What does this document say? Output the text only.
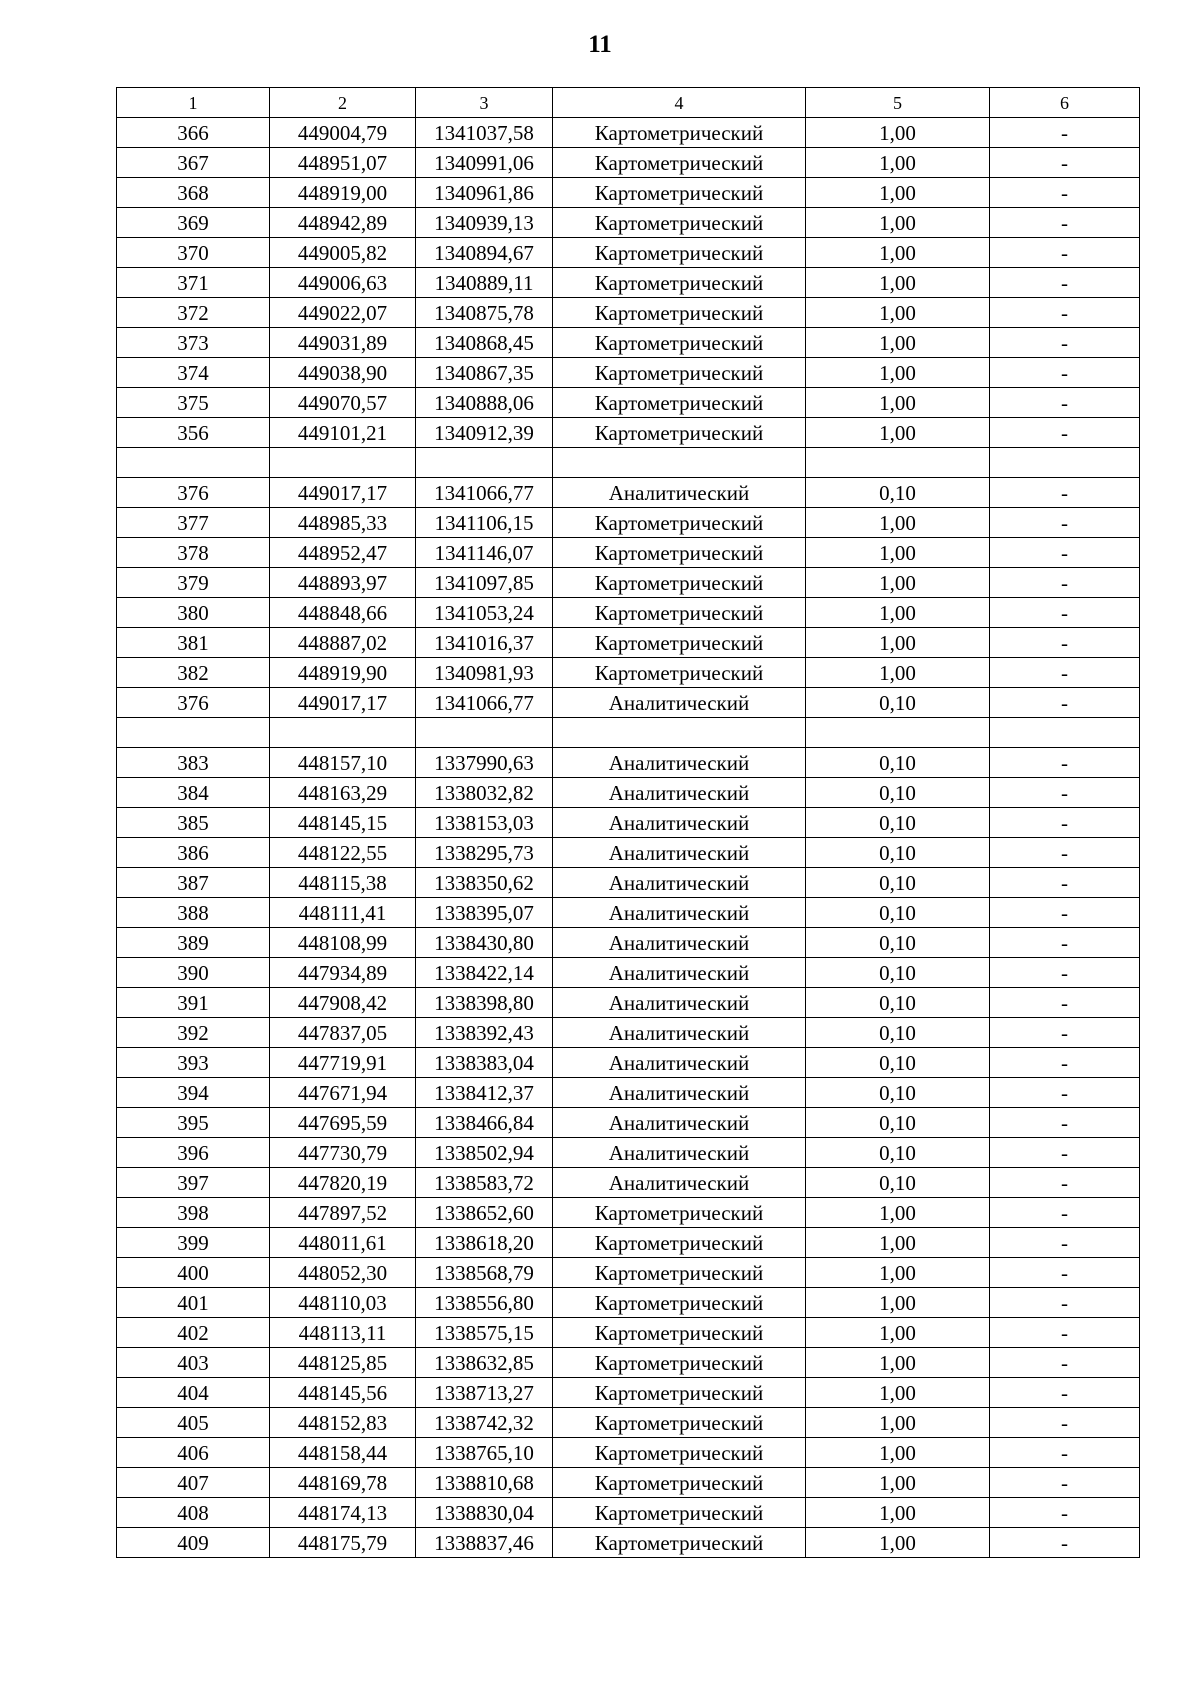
11
1	2	3	4	5	6
366	449004,79	1341037,58	Картометрический	1,00	-
367	448951,07	1340991,06	Картометрический	1,00	-
368	448919,00	1340961,86	Картометрический	1,00	-
369	448942,89	1340939,13	Картометрический	1,00	-
370	449005,82	1340894,67	Картометрический	1,00	-
371	449006,63	1340889,11	Картометрический	1,00	-
372	449022,07	1340875,78	Картометрический	1,00	-
373	449031,89	1340868,45	Картометрический	1,00	-
374	449038,90	1340867,35	Картометрический	1,00	-
375	449070,57	1340888,06	Картометрический	1,00	-
356	449101,21	1340912,39	Картометрический	1,00	-

376	449017,17	1341066,77	Аналитический	0,10	-
377	448985,33	1341106,15	Картометрический	1,00	-
378	448952,47	1341146,07	Картометрический	1,00	-
379	448893,97	1341097,85	Картометрический	1,00	-
380	448848,66	1341053,24	Картометрический	1,00	-
381	448887,02	1341016,37	Картометрический	1,00	-
382	448919,90	1340981,93	Картометрический	1,00	-
376	449017,17	1341066,77	Аналитический	0,10	-

383	448157,10	1337990,63	Аналитический	0,10	-
384	448163,29	1338032,82	Аналитический	0,10	-
385	448145,15	1338153,03	Аналитический	0,10	-
386	448122,55	1338295,73	Аналитический	0,10	-
387	448115,38	1338350,62	Аналитический	0,10	-
388	448111,41	1338395,07	Аналитический	0,10	-
389	448108,99	1338430,80	Аналитический	0,10	-
390	447934,89	1338422,14	Аналитический	0,10	-
391	447908,42	1338398,80	Аналитический	0,10	-
392	447837,05	1338392,43	Аналитический	0,10	-
393	447719,91	1338383,04	Аналитический	0,10	-
394	447671,94	1338412,37	Аналитический	0,10	-
395	447695,59	1338466,84	Аналитический	0,10	-
396	447730,79	1338502,94	Аналитический	0,10	-
397	447820,19	1338583,72	Аналитический	0,10	-
398	447897,52	1338652,60	Картометрический	1,00	-
399	448011,61	1338618,20	Картометрический	1,00	-
400	448052,30	1338568,79	Картометрический	1,00	-
401	448110,03	1338556,80	Картометрический	1,00	-
402	448113,11	1338575,15	Картометрический	1,00	-
403	448125,85	1338632,85	Картометрический	1,00	-
404	448145,56	1338713,27	Картометрический	1,00	-
405	448152,83	1338742,32	Картометрический	1,00	-
406	448158,44	1338765,10	Картометрический	1,00	-
407	448169,78	1338810,68	Картометрический	1,00	-
408	448174,13	1338830,04	Картометрический	1,00	-
409	448175,79	1338837,46	Картометрический	1,00	-
